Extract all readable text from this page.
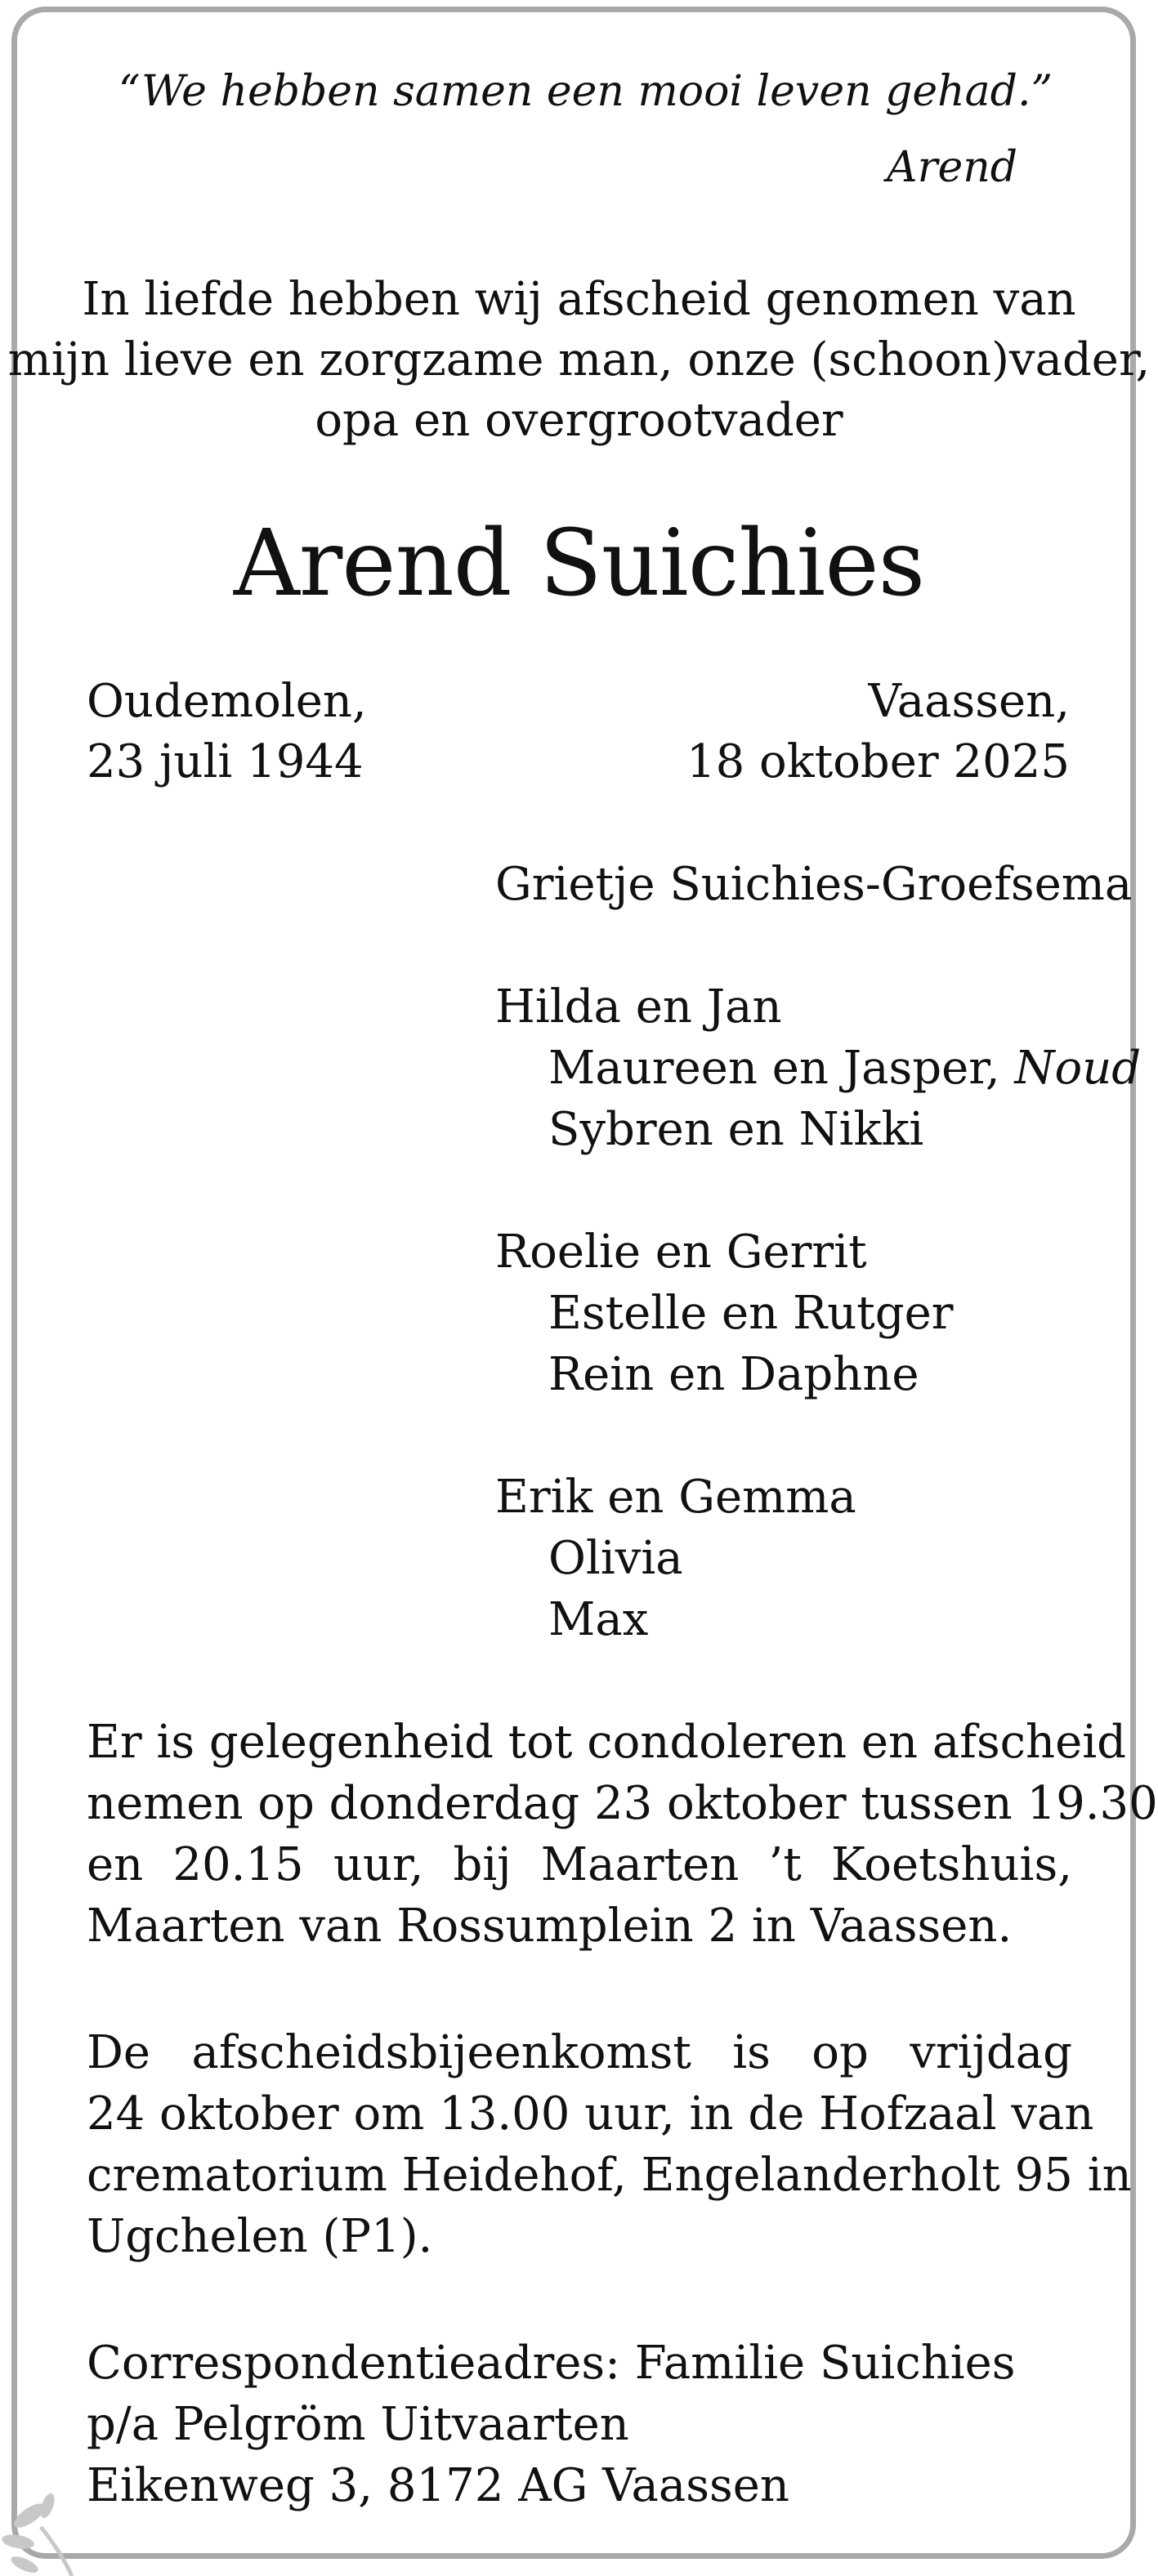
“We hebben samen een mooi leven gehad.”
Arend
In liefde hebben wij afscheid genomen van
mijn lieve en zorgzame man, onze (schoon)vader,
opa en overgrootvader
Arend Suichies
Oudemolen,
23 juli 1944
Vaassen,
18 oktober 2025
Grietje Suichies-Groefsema
Hilda en Jan
Maureen en Jasper, Noud
Sybren en Nikki
Roelie en Gerrit
Estelle en Rutger
Rein en Daphne
Erik en Gemma
Olivia
Max
Er is gelegenheid tot condoleren en afscheid
nemen op donderdag 23 oktober tussen 19.30
en 20.15 uur, bij Maarten ’t Koetshuis,
Maarten van Rossumplein 2 in Vaassen.
De afscheidsbijeenkomst is op vrijdag
24 oktober om 13.00 uur, in de Hofzaal van
crematorium Heidehof, Engelanderholt 95 in
Ugchelen (P1).
Correspondentieadres: Familie Suichies
p/a Pelgröm Uitvaarten
Eikenweg 3, 8172 AG Vaassen
